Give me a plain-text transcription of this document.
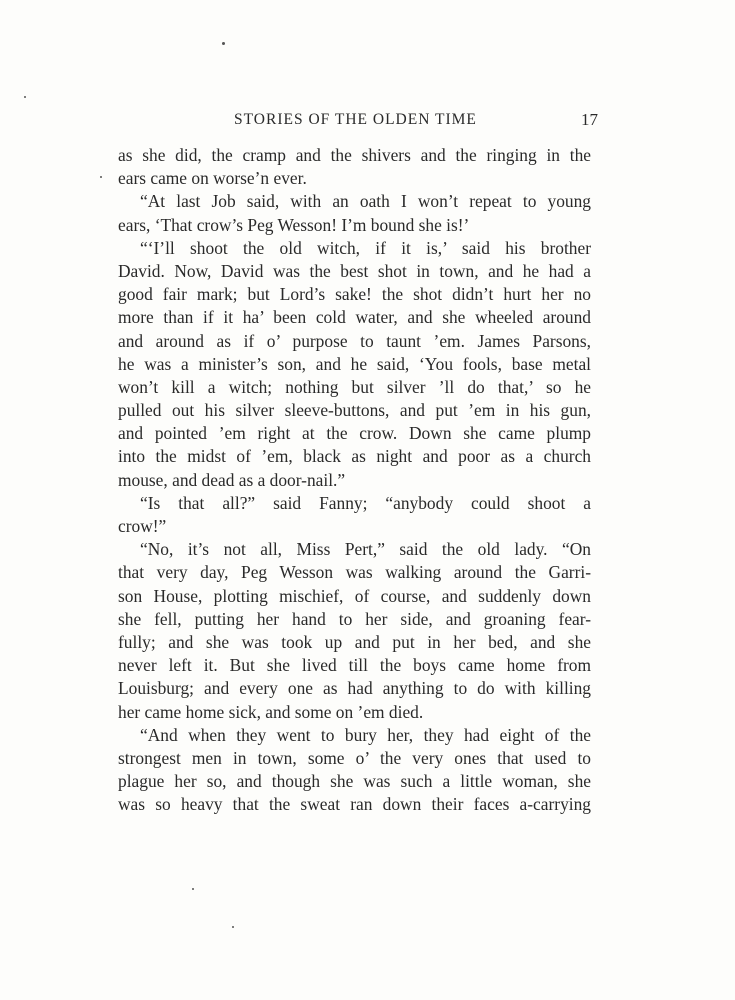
STORIES OF THE OLDEN TIME	17
as she did, the cramp and the shivers and the ringing in the
ears came on worse’n ever.
“At last Job said, with an oath I won’t repeat to young
ears, ‘That crow’s Peg Wesson! I’m bound she is!’
“‘I’ll shoot the old witch, if it is,’ said his brother
David. Now, David was the best shot in town, and he had a
good fair mark; but Lord’s sake! the shot didn’t hurt her no
more than if it ha’ been cold water, and she wheeled around
and around as if o’ purpose to taunt ’em. James Parsons,
he was a minister’s son, and he said, ‘You fools, base metal
won’t kill a witch; nothing but silver ’ll do that,’ so he
pulled out his silver sleeve-buttons, and put ’em in his gun,
and pointed ’em right at the crow. Down she came plump
into the midst of ’em, black as night and poor as a church
mouse, and dead as a door-nail.”
“Is that all?” said Fanny; “anybody could shoot a
crow!”
“No, it’s not all, Miss Pert,” said the old lady. “On
that very day, Peg Wesson was walking around the Garri-
son House, plotting mischief, of course, and suddenly down
she fell, putting her hand to her side, and groaning fear-
fully; and she was took up and put in her bed, and she
never left it. But she lived till the boys came home from
Louisburg; and every one as had anything to do with killing
her came home sick, and some on ’em died.
“And when they went to bury her, they had eight of the
strongest men in town, some o’ the very ones that used to
plague her so, and though she was such a little woman, she
was so heavy that the sweat ran down their faces a-carrying
